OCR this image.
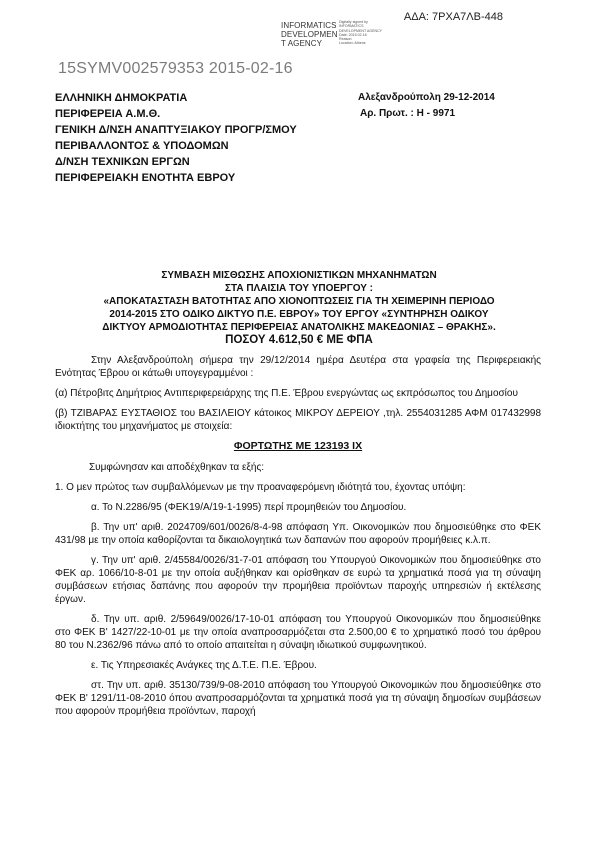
ΑΔΑ: 7ΡΧΑ7ΛΒ-448
INFORMATICS
DEVELOPMEN
T AGENCY
Digitally signed by
INFORMATICS
DEVELOPMENT AGENCY
Date: 2015.02.16
Reason:
Location: Athens
15SYMV002579353 2015-02-16
ΕΛΛΗΝΙΚΗ ΔΗΜΟΚΡΑΤΙΑ
ΠΕΡΙΦΕΡΕΙΑ Α.Μ.Θ.
ΓΕΝΙΚΗ Δ/ΝΣΗ ΑΝΑΠΤΥΞΙΑΚΟΥ ΠΡΟΓΡ/ΣΜΟΥ
ΠΕΡΙΒΑΛΛΟΝΤΟΣ & ΥΠΟΔΟΜΩΝ
Δ/ΝΣΗ ΤΕΧΝΙΚΩΝ ΕΡΓΩΝ
ΠΕΡΙΦΕΡΕΙΑΚΗ ΕΝΟΤΗΤΑ ΕΒΡΟΥ
Αλεξανδρούπολη 29-12-2014
Αρ. Πρωτ. : Η - 9971
ΣΥΜΒΑΣΗ ΜΙΣΘΩΣΗΣ ΑΠΟΧΙΟΝΙΣΤΙΚΩΝ ΜΗΧΑΝΗΜΑΤΩΝ
ΣΤΑ ΠΛΑΙΣΙΑ ΤΟΥ ΥΠΟΕΡΓΟΥ :
«ΑΠΟΚΑΤΑΣΤΑΣΗ ΒΑΤΟΤΗΤΑΣ ΑΠΟ ΧΙΟΝΟΠΤΩΣΕΙΣ ΓΙΑ ΤΗ ΧΕΙΜΕΡΙΝΗ ΠΕΡΙΟΔΟ
2014-2015 ΣΤΟ ΟΔΙΚΟ ΔΙΚΤΥΟ Π.Ε. ΕΒΡΟΥ» ΤΟΥ ΕΡΓΟΥ «ΣΥΝΤΗΡΗΣΗ ΟΔΙΚΟΥ
ΔΙΚΤΥΟΥ ΑΡΜΟΔΙΟΤΗΤΑΣ ΠΕΡΙΦΕΡΕΙΑΣ ΑΝΑΤΟΛΙΚΗΣ ΜΑΚΕΔΟΝΙΑΣ – ΘΡΑΚΗΣ».
ΠΟΣΟΥ 4.612,50 € ΜΕ ΦΠΑ

Στην Αλεξανδρούπολη σήμερα την 29/12/2014 ημέρα Δευτέρα στα γραφεία της Περιφερειακής Ενότητας Έβρου οι κάτωθι υπογεγραμμένοι :

(α) Πέτροβιτς Δημήτριος Αντιπεριφερειάρχης της Π.Ε. Έβρου ενεργώντας ως εκπρόσωπος του Δημοσίου

(β) ΤΖΙΒΑΡΑΣ ΕΥΣΤΑΘΙΟΣ του ΒΑΣΙΛΕΙΟΥ κάτοικος ΜΙΚΡΟΥ ΔΕΡΕΙΟΥ ,τηλ. 2554031285 ΑΦΜ 017432998 ιδιοκτήτης του μηχανήματος με στοιχεία:

ΦΟΡΤΩΤΗΣ ΜΕ 123193 ΙΧ

Συμφώνησαν και αποδέχθηκαν τα εξής:

1. Ο μεν πρώτος των συμβαλλόμενων με την προαναφερόμενη ιδιότητά του, έχοντας υπόψη:

α. Το Ν.2286/95 (ΦΕΚ19/Α/19-1-1995) περί προμηθειών του Δημοσίου.

β. Την υπ' αριθ. 2024709/601/0026/8-4-98 απόφαση Υπ. Οικονομικών που δημοσιεύθηκε στο ΦΕΚ 431/98 με την οποία καθορίζονται τα δικαιολογητικά των δαπανών που αφορούν προμήθειες κ.λ.π.

γ. Την υπ' αριθ. 2/45584/0026/31-7-01 απόφαση του Υπουργού Οικονομικών που δημοσιεύθηκε στο ΦΕΚ αρ. 1066/10-8-01 με την οποία αυξήθηκαν και ορίσθηκαν σε ευρώ τα χρηματικά ποσά για τη σύναψη συμβάσεων ετήσιας δαπάνης που αφορούν την προμήθεια προϊόντων παροχής υπηρεσιών ή εκτέλεσης έργων.

δ. Την υπ. αριθ. 2/59649/0026/17-10-01 απόφαση του Υπουργού Οικονομικών που δημοσιεύθηκε στο ΦΕΚ Β' 1427/22-10-01 με την οποία αναπροσαρμόζεται στα 2.500,00 € το χρηματικό ποσό του άρθρου 80 του Ν.2362/96 πάνω από το οποίο απαιτείται η σύναψη ιδιωτικού συμφωνητικού.

ε. Τις Υπηρεσιακές Ανάγκες της Δ.Τ.Ε. Π.Ε. Έβρου.

στ. Την υπ. αριθ. 35130/739/9-08-2010 απόφαση του Υπουργού Οικονομικών που δημοσιεύθηκε στο ΦΕΚ Β' 1291/11-08-2010 όπου αναπροσαρμόζονται τα χρηματικά ποσά για τη σύναψη δημοσίων συμβάσεων που αφορούν προμήθεια προϊόντων, παροχή
